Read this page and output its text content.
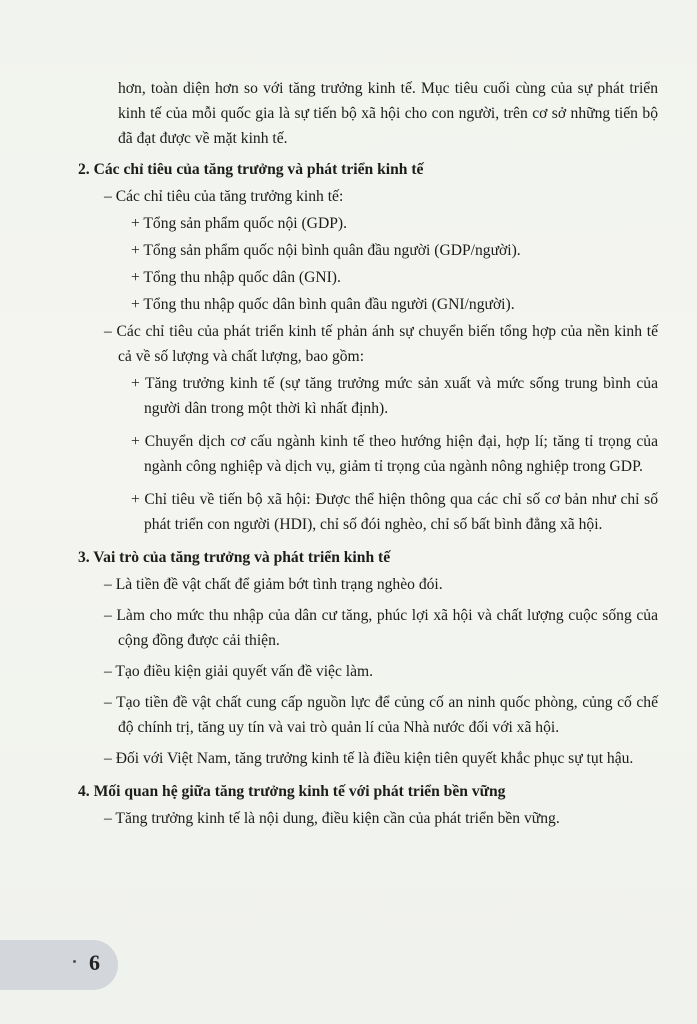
hơn, toàn diện hơn so với tăng trưởng kinh tế. Mục tiêu cuối cùng của sự phát triển kinh tế của mỗi quốc gia là sự tiến bộ xã hội cho con người, trên cơ sở những tiến bộ đã đạt được về mặt kinh tế.

2. Các chỉ tiêu của tăng trưởng và phát triển kinh tế

– Các chỉ tiêu của tăng trưởng kinh tế:

+ Tổng sản phẩm quốc nội (GDP).

+ Tổng sản phẩm quốc nội bình quân đầu người (GDP/người).

+ Tổng thu nhập quốc dân (GNI).

+ Tổng thu nhập quốc dân bình quân đầu người (GNI/người).

– Các chỉ tiêu của phát triển kinh tế phản ánh sự chuyển biến tổng hợp của nền kinh tế cả về số lượng và chất lượng, bao gồm:

+ Tăng trưởng kinh tế (sự tăng trưởng mức sản xuất và mức sống trung bình của người dân trong một thời kì nhất định).

+ Chuyển dịch cơ cấu ngành kinh tế theo hướng hiện đại, hợp lí; tăng tỉ trọng của ngành công nghiệp và dịch vụ, giảm tỉ trọng của ngành nông nghiệp trong GDP.

+ Chỉ tiêu về tiến bộ xã hội: Được thể hiện thông qua các chỉ số cơ bản như chỉ số phát triển con người (HDI), chỉ số đói nghèo, chỉ số bất bình đẳng xã hội.

3. Vai trò của tăng trưởng và phát triển kinh tế

– Là tiền đề vật chất để giảm bớt tình trạng nghèo đói.

– Làm cho mức thu nhập của dân cư tăng, phúc lợi xã hội và chất lượng cuộc sống của cộng đồng được cải thiện.

– Tạo điều kiện giải quyết vấn đề việc làm.

– Tạo tiền đề vật chất cung cấp nguồn lực để củng cố an ninh quốc phòng, củng cố chế độ chính trị, tăng uy tín và vai trò quản lí của Nhà nước đối với xã hội.

– Đối với Việt Nam, tăng trưởng kinh tế là điều kiện tiên quyết khắc phục sự tụt hậu.

4. Mối quan hệ giữa tăng trưởng kinh tế với phát triển bền vững

– Tăng trưởng kinh tế là nội dung, điều kiện cần của phát triển bền vững.

6
